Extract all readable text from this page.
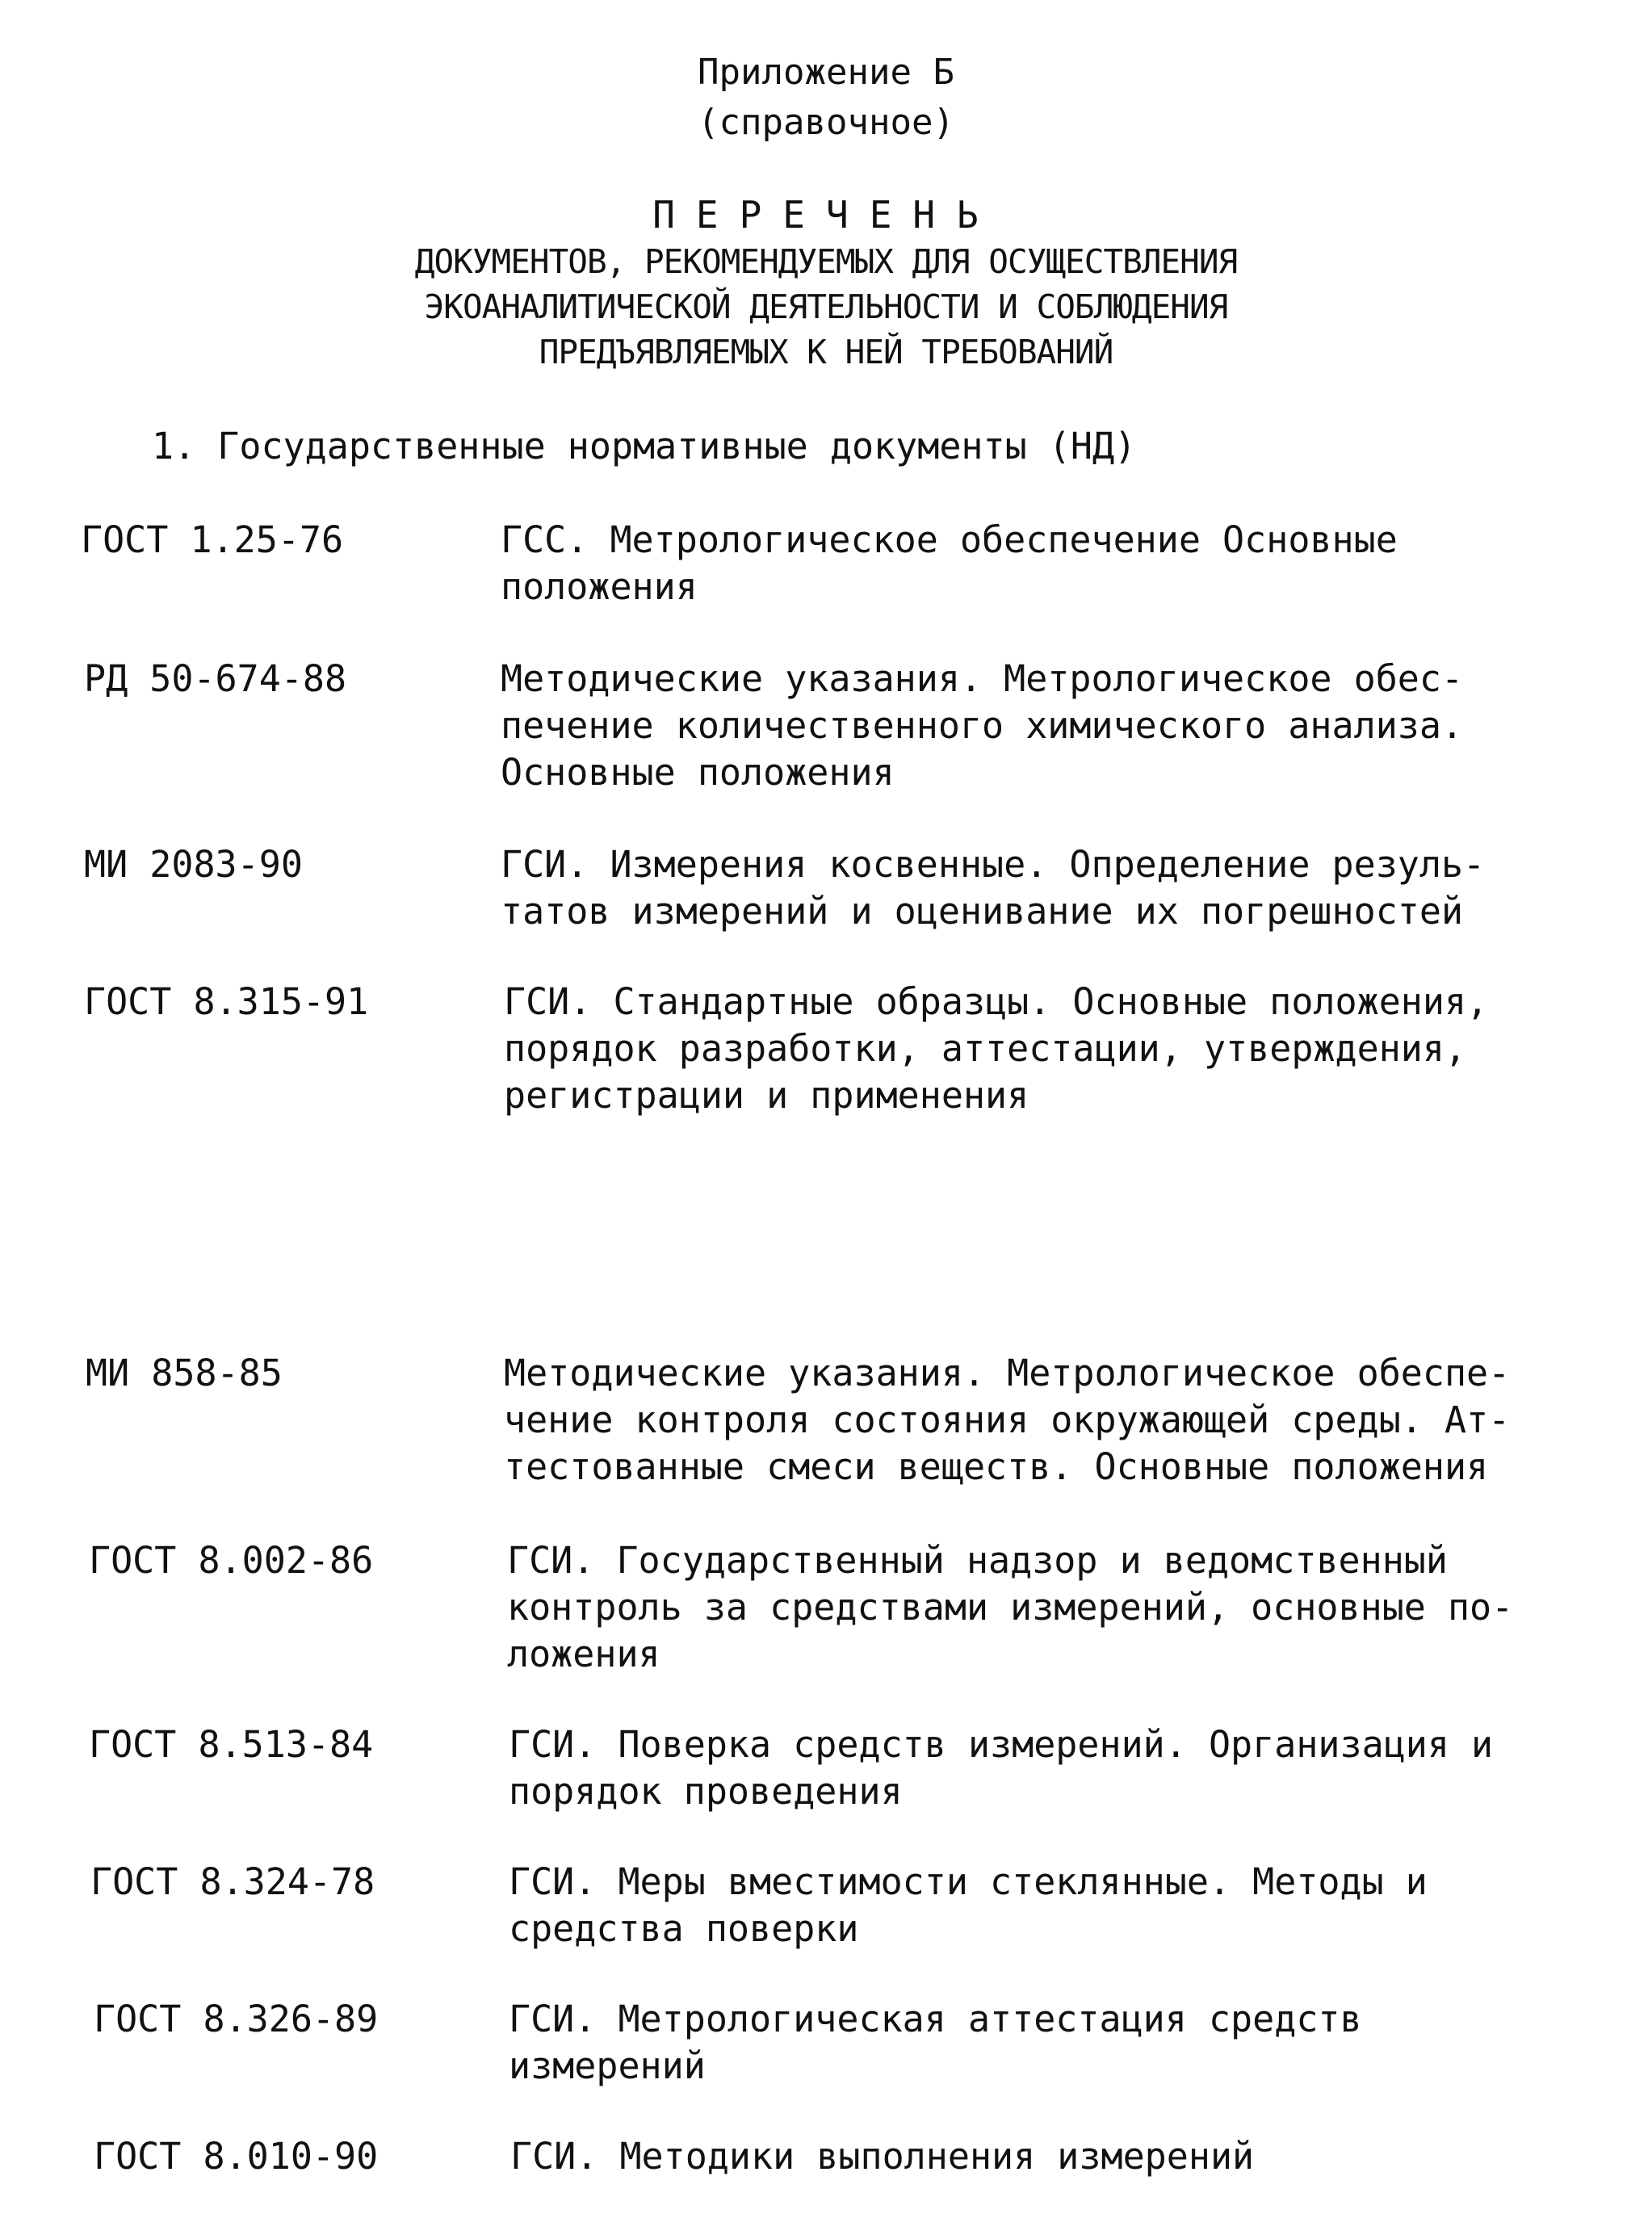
Приложение Б
(справочное)
ПЕРЕЧЕНЬ
ДОКУМЕНТОВ, РЕКОМЕНДУЕМЫХ ДЛЯ ОСУЩЕСТВЛЕНИЯ
ЭКОАНАЛИТИЧЕСКОЙ ДЕЯТЕЛЬНОСТИ И СОБЛЮДЕНИЯ
ПРЕДЪЯВЛЯЕМЫХ К НЕЙ ТРЕБОВАНИЙ
1. Государственные нормативные документы (НД)
ГОСТ 1.25-76	ГСС. Метрологическое обеспечение Основные
положения
РД 50-674-88	Методические указания. Метрологическое обес-
печение количественного химического анализа.
Основные положения
МИ 2083-90	ГСИ. Измерения косвенные. Определение резуль-
татов измерений и оценивание их погрешностей
ГОСТ 8.315-91	ГСИ. Стандартные образцы. Основные положения,
порядок разработки, аттестации, утверждения,
регистрации и применения
МИ 858-85	Методические указания. Метрологическое обеспе-
чение контроля состояния окружающей среды. Ат-
тестованные смеси веществ. Основные положения
ГОСТ 8.002-86	ГСИ. Государственный надзор и ведомственный
контроль за средствами измерений, основные по-
ложения
ГОСТ 8.513-84	ГСИ. Поверка средств измерений. Организация и
порядок проведения
ГОСТ 8.324-78	ГСИ. Меры вместимости стеклянные. Методы и
средства поверки
ГОСТ 8.326-89	ГСИ. Метрологическая аттестация средств
измерений
ГОСТ 8.010-90	ГСИ. Методики выполнения измерений
